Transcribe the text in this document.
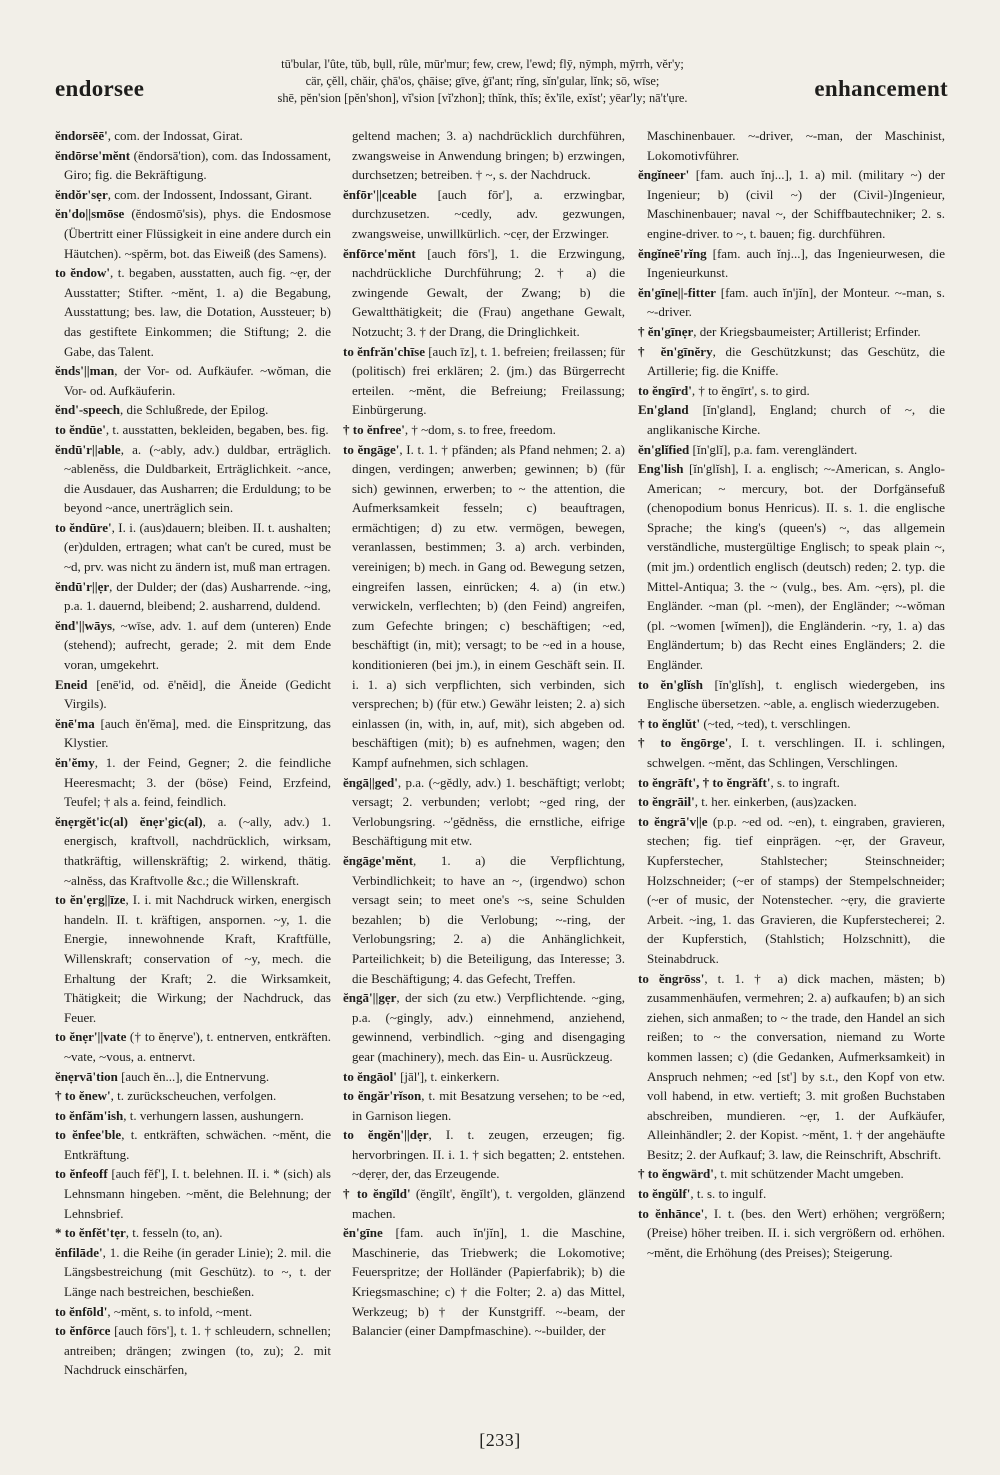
endorsee
tū'bular, l'ûte, tŭb, bụll, rûle, mūr'mur; few, crew, l'ewd; flȳ, nȳmph, mȳrrh, vĕr'y;
cär, çĕll, chăir, çhā'os, çhāise; gīve, ġī'ant; rĭng, sĭn'gular, lĭnk; sō, wīse;
shē, pĕn'sion [pĕn'shon], vĭ'sion [vĭ'zhon]; thĭnk, thĭs; ĕx'īle, exĭst'; yēar'ly; nā't'ụre.	enhancement

ĕndorsēē', com. der Indossat, Girat.

ĕndōrse'mĕnt (ĕndorsā'tion), com. das Indossament, Giro; fig. die Bekräftigung.

ĕndŏr'sẹr, com. der Indossent, Indossant, Girant.

ĕn'do||smōse (ĕndosmō'sis), phys. die Endosmose (Übertritt einer Flüssigkeit in eine andere durch ein Häutchen). ~spĕrm, bot. das Eiweiß (des Samens).

to ĕndow', t. begaben, ausstatten, auch fig. ~ẹr, der Ausstatter; Stifter. ~mĕnt, 1. a) die Begabung, Ausstattung; bes. law, die Dotation, Aussteuer; b) das gestiftete Einkommen; die Stiftung; 2. die Gabe, das Talent.

ĕnds'||man, der Vor- od. Aufkäufer. ~wŏman, die Vor- od. Aufkäuferin.

ĕnd'-speech, die Schlußrede, der Epilog.

to ĕndūe', t. ausstatten, bekleiden, begaben, bes. fig.

ĕndū'r||able, a. (~ably, adv.) duldbar, erträglich. ~ablenĕss, die Duldbarkeit, Erträglichkeit. ~ance, die Ausdauer, das Ausharren; die Erduldung; to be beyond ~ance, unerträglich sein.

to ĕndūre', I. i. (aus)dauern; bleiben. II. t. aushalten; (er)dulden, ertragen; what can't be cured, must be ~d, prv. was nicht zu ändern ist, muß man ertragen.

ĕndū'r||ẹr, der Dulder; der (das) Ausharrende. ~ing, p.a. 1. dauernd, bleibend; 2. ausharrend, duldend.

ĕnd'||wāys, ~wīse, adv. 1. auf dem (unteren) Ende (stehend); aufrecht, gerade; 2. mit dem Ende voran, umgekehrt.

Eneid [enē'id, od. ē'nĕid], die Äneide (Gedicht Virgils).

ĕnē'ma [auch ĕn'ĕma], med. die Einspritzung, das Klystier.

ĕn'ĕmy, 1. der Feind, Gegner; 2. die feindliche Heeresmacht; 3. der (böse) Feind, Erzfeind, Teufel; † als a. feind, feindlich.

ĕnẹrgĕt'ic(al) ĕnẹr'gic(al), a. (~ally, adv.) 1. energisch, kraftvoll, nachdrücklich, wirksam, thatkräftig, willenskräftig; 2. wirkend, thätig. ~alnĕss, das Kraftvolle &c.; die Willenskraft.

to ĕn'ẹrg||īze, I. i. mit Nachdruck wirken, energisch handeln. II. t. kräftigen, anspornen. ~y, 1. die Energie, innewohnende Kraft, Kraftfülle, Willenskraft; conservation of ~y, mech. die Erhaltung der Kraft; 2. die Wirksamkeit, Thätigkeit; die Wirkung; der Nachdruck, das Feuer.

to ĕnẹr'||vate († to ĕnẹrve'), t. entnerven, entkräften. ~vate, ~vous, a. entnervt.

ĕnẹrvā'tion [auch ĕn...], die Entnervung.

† to ĕnew', t. zurückscheuchen, verfolgen.

to ĕnfăm'ish, t. verhungern lassen, aushungern.

to ĕnfee'ble, t. entkräften, schwächen. ~mĕnt, die Entkräftung.

to ĕnfeoff [auch fĕf'], I. t. belehnen. II. i. * (sich) als Lehnsmann hingeben. ~mĕnt, die Belehnung; der Lehnsbrief.

* to ĕnfĕt'tẹr, t. fesseln (to, an).

ĕnfilāde', 1. die Reihe (in gerader Linie); 2. mil. die Längsbestreichung (mit Geschütz). to ~, t. der Länge nach bestreichen, beschießen.

to ĕnfōld', ~mĕnt, s. to infold, ~ment.

to ĕnfōrce [auch fōrs'], t. 1. † schleudern, schnellen; antreiben; drängen; zwingen (to, zu); 2. mit Nachdruck einschärfen,

geltend machen; 3. a) nachdrücklich durchführen, zwangsweise in Anwendung bringen; b) erzwingen, durchsetzen; betreiben. † ~, s. der Nachdruck.

ĕnfōr'||ceable [auch fōr'], a. erzwingbar, durchzusetzen. ~cedly, adv. gezwungen, zwangsweise, unwillkürlich. ~cẹr, der Erzwinger.

ĕnfōrce'mĕnt [auch fōrs'], 1. die Erzwingung, nachdrückliche Durchführung; 2. † a) die zwingende Gewalt, der Zwang; b) die Gewaltthätigkeit; die (Frau) angethane Gewalt, Notzucht; 3. † der Drang, die Dringlichkeit.

to ĕnfrăn'chīse [auch īz], t. 1. befreien; freilassen; für (politisch) frei erklären; 2. (jm.) das Bürgerrecht erteilen. ~mĕnt, die Befreiung; Freilassung; Einbürgerung.

† to ĕnfree', † ~dom, s. to free, freedom.

to ĕngāge', I. t. 1. † pfänden; als Pfand nehmen; 2. a) dingen, verdingen; anwerben; gewinnen; b) (für sich) gewinnen, erwerben; to ~ the attention, die Aufmerksamkeit fesseln; c) beauftragen, ermächtigen; d) zu etw. vermögen, bewegen, veranlassen, bestimmen; 3. a) arch. verbinden, vereinigen; b) mech. in Gang od. Bewegung setzen, eingreifen lassen, einrücken; 4. a) (in etw.) verwickeln, verflechten; b) (den Feind) angreifen, zum Gefechte bringen; c) beschäftigen; ~ed, beschäftigt (in, mit); versagt; to be ~ed in a house, konditionieren (bei jm.), in einem Geschäft sein. II. i. 1. a) sich verpflichten, sich verbinden, sich versprechen; b) (für etw.) Gewähr leisten; 2. a) sich einlassen (in, with, in, auf, mit), sich abgeben od. beschäftigen (mit); b) es aufnehmen, wagen; den Kampf aufnehmen, sich schlagen.

ĕngā||ged', p.a. (~gĕdly, adv.) 1. beschäftigt; verlobt; versagt; 2. verbunden; verlobt; ~ged ring, der Verlobungsring. ~'gĕdnĕss, die ernstliche, eifrige Beschäftigung mit etw.

ĕngāge'mĕnt, 1. a) die Verpflichtung, Verbindlichkeit; to have an ~, (irgendwo) schon versagt sein; to meet one's ~s, seine Schulden bezahlen; b) die Verlobung; ~-ring, der Verlobungsring; 2. a) die Anhänglichkeit, Parteilichkeit; b) die Beteiligung, das Interesse; 3. die Beschäftigung; 4. das Gefecht, Treffen.

ĕngā'||gẹr, der sich (zu etw.) Verpflichtende. ~ging, p.a. (~gingly, adv.) einnehmend, anziehend, gewinnend, verbindlich. ~ging and disengaging gear (machinery), mech. das Ein- u. Ausrückzeug.

to ĕngāol' [jāl'], t. einkerkern.

to ĕngăr'rĭson, t. mit Besatzung versehen; to be ~ed, in Garnison liegen.

to ĕngĕn'||dẹr, I. t. zeugen, erzeugen; fig. hervorbringen. II. i. 1. † sich begatten; 2. entstehen. ~dẹrẹr, der, das Erzeugende.

† to ĕngĭld' (ĕngĭlt', ĕngĭlt'), t. vergolden, glänzend machen.

ĕn'gīne [fam. auch ĭn'jĭn], 1. die Maschine, Maschinerie, das Triebwerk; die Lokomotive; Feuerspritze; der Holländer (Papierfabrik); b) die Kriegsmaschine; c) † die Folter; 2. a) das Mittel, Werkzeug; b) † der Kunstgriff. ~-beam, der Balancier (einer Dampfmaschine). ~-builder, der

Maschinenbauer. ~-driver, ~-man, der Maschinist, Lokomotivführer.

ĕngĭneer' [fam. auch ĭnj...], 1. a) mil. (military ~) der Ingenieur; b) (civil ~) der (Civil-)Ingenieur, Maschinenbauer; naval ~, der Schiffbautechniker; 2. s. engine-driver. to ~, t. bauen; fig. durchführen.

ĕngĭneē'rĭng [fam. auch ĭnj...], das Ingenieurwesen, die Ingenieurkunst.

ĕn'gīne||-fitter [fam. auch ĭn'jĭn], der Monteur. ~-man, s. ~-driver.

† ĕn'gīnẹr, der Kriegsbaumeister; Artillerist; Erfinder.

† ĕn'gīnĕry, die Geschützkunst; das Geschütz, die Artillerie; fig. die Kniffe.

to ĕngīrd', † to ĕngīrt', s. to gird.

En'gland [ĭn'gland], England; church of ~, die anglikanische Kirche.

ĕn'glĭfied [ĭn'glĭ], p.a. fam. verengländert.

Eng'lish [ĭn'glĭsh], I. a. englisch; ~-American, s. Anglo-American; ~ mercury, bot. der Dorfgänsefuß (chenopodium bonus Henricus). II. s. 1. die englische Sprache; the king's (queen's) ~, das allgemein verständliche, mustergültige Englisch; to speak plain ~, (mit jm.) ordentlich englisch (deutsch) reden; 2. typ. die Mittel-Antiqua; 3. the ~ (vulg., bes. Am. ~ẹrs), pl. die Engländer. ~man (pl. ~men), der Engländer; ~-wŏman (pl. ~women [wĭmen]), die Engländerin. ~ry, 1. a) das Engländertum; b) das Recht eines Engländers; 2. die Engländer.

to ĕn'glĭsh [ĭn'glĭsh], t. englisch wiedergeben, ins Englische übersetzen. ~able, a. englisch wiederzugeben.

† to ĕnglŭt' (~ted, ~ted), t. verschlingen.

† to ĕngōrge', I. t. verschlingen. II. i. schlingen, schwelgen. ~mĕnt, das Schlingen, Verschlingen.

to ĕngrāft', † to ĕngrăft', s. to ingraft.

to ĕngrāil', t. her. einkerben, (aus)zacken.

to ĕngrā'v||e (p.p. ~ed od. ~en), t. eingraben, gravieren, stechen; fig. tief einprägen. ~ẹr, der Graveur, Kupferstecher, Stahlstecher; Steinschneider; Holzschneider; (~er of stamps) der Stempelschneider; (~er of music, der Notenstecher. ~ẹry, die gravierte Arbeit. ~ing, 1. das Gravieren, die Kupferstecherei; 2. der Kupferstich, (Stahlstich; Holzschnitt), die Steinabdruck.

to ĕngrōss', t. 1. † a) dick machen, mästen; b) zusammenhäufen, vermehren; 2. a) aufkaufen; b) an sich ziehen, sich anmaßen; to ~ the trade, den Handel an sich reißen; to ~ the conversation, niemand zu Worte kommen lassen; c) (die Gedanken, Aufmerksamkeit) in Anspruch nehmen; ~ed [st'] by s.t., den Kopf von etw. voll habend, in etw. vertieft; 3. mit großen Buchstaben abschreiben, mundieren. ~ẹr, 1. der Aufkäufer, Alleinhändler; 2. der Kopist. ~mĕnt, 1. † der angehäufte Besitz; 2. der Aufkauf; 3. law, die Reinschrift, Abschrift.

† to ĕngwärd', t. mit schützender Macht umgeben.

to ĕngŭlf', t. s. to ingulf.

to ĕnhānce', I. t. (bes. den Wert) erhöhen; vergrößern; (Preise) höher treiben. II. i. sich vergrößern od. erhöhen. ~mĕnt, die Erhöhung (des Preises); Steigerung.

[233]
